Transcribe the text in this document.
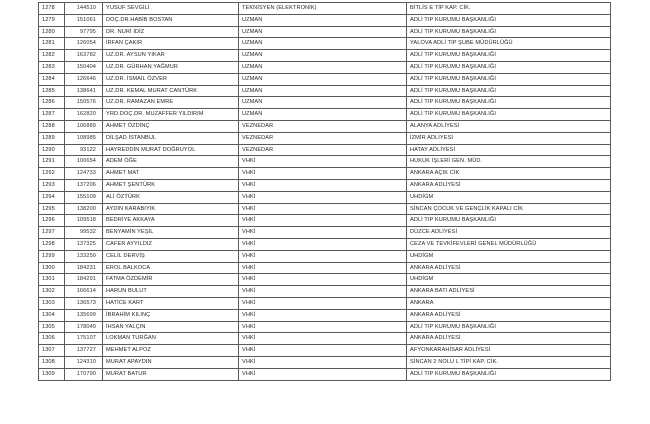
1278	144510	YUSUF SEVGİLİ	TEKNİSYEN (ELEKTRONİK)	BİTLİS E TİP KAP. CİK.
1279	151061	DOÇ.DR.HABİB BOSTAN	UZMAN	ADLİ TIP KURUMU BAŞKANLIĞI
1280	97795	DR. NURİ İDİZ	UZMAN	ADLİ TIP KURUMU BAŞKANLIĞI
1281	126054	İRFAN ÇAKIR	UZMAN	YALOVA ADLİ TIP ŞUBE MÜDÜRLÜĞÜ
1282	163782	UZ.DR. AYSUN YIKAR	UZMAN	ADLİ TIP KURUMU BAŞKANLIĞI
1283	150404	UZ.DR. GÜRHAN YAĞMUR	UZMAN	ADLİ TIP KURUMU BAŞKANLIĞI
1284	126646	UZ.DR. İSMAİL ÖZVER	UZMAN	ADLİ TIP KURUMU BAŞKANLIĞI
1285	138641	UZ.DR. KEMAL MURAT CANTÜRK	UZMAN	ADLİ TIP KURUMU BAŞKANLIĞI
1286	150576	UZ.DR. RAMAZAN EMRE	UZMAN	ADLİ TIP KURUMU BAŞKANLIĞI
1287	162820	YRD.DOÇ.DR. MUZAFFER YILDIRIM	UZMAN	ADLİ TIP KURUMU BAŞKANLIĞI
1288	106889	AHMET ÖZDİNÇ	VEZNEDAR	ALANYA ADLİYESİ
1289	108985	DİLŞAD İSTANBUL	VEZNEDAR	İZMİR ADLİYESİ
1290	93122	HAYREDDİN MURAT DOĞRUYOL	VEZNEDAR	HATAY ADLİYESİ
1291	100654	ADEM ÖĞE	VHKİ	HUKUK İŞLERİ GEN. MÜD.
1292	124733	AHMET MAT	VHKİ	ANKARA AÇIK CİK
1293	137206	AHMET ŞENTÜRK	VHKİ	ANKARA ADLİYESİ
1294	155109	ALİ ÖZTÜRK	VHKİ	UHDİGM
1295	138200	AYDIN KARABIYIK	VHKİ	SİNCAN ÇOCUK VE GENÇLİK KAPALI CİK
1296	109518	BEDRİYE AKKAYA	VHKİ	ADLİ TIP KURUMU BAŞKANLIĞI
1297	99532	BENYAMİN YEŞİL	VHKİ	DÜZCE ADLİYESİ
1298	137325	CAFER AYYILDIZ	VHKİ	CEZA VE TEVKİFEVLERİ GENEL MÜDÜRLÜĞÜ
1299	133250	CELİL DERVİŞ	VHKİ	UHDİGM
1300	184231	EROL BALKOCA	VHKİ	ANKARA ADLİYESİ
1301	184291	FATMA ÖZDEMİR	VHKİ	UHDİGM
1302	166614	HARUN BULUT	VHKİ	ANKARA BATI ADLİYESİ
1303	136573	HATİCE KART	VHKİ	ANKARA
1304	135699	İBRAHİM KILINÇ	VHKİ	ANKARA ADLİYESİ
1305	178049	İHSAN YALÇIN	VHKİ	ADLİ TIP KURUMU BAŞKANLIĞI
1306	175107	LOKMAN TURĞAN	VHKİ	ANKARA ADLİYESİ
1307	137727	MEHMET ALPOZ	VHKİ	AFYONKARAHİSAR ADLİYESİ
1308	124310	MURAT APAYDIN	VHKİ	SİNCAN 2 NOLU L TİPİ KAP. CİK.
1309	170790	MURAT BATUR	VHKİ	ADLİ TIP KURUMU BAŞKANLIĞI
